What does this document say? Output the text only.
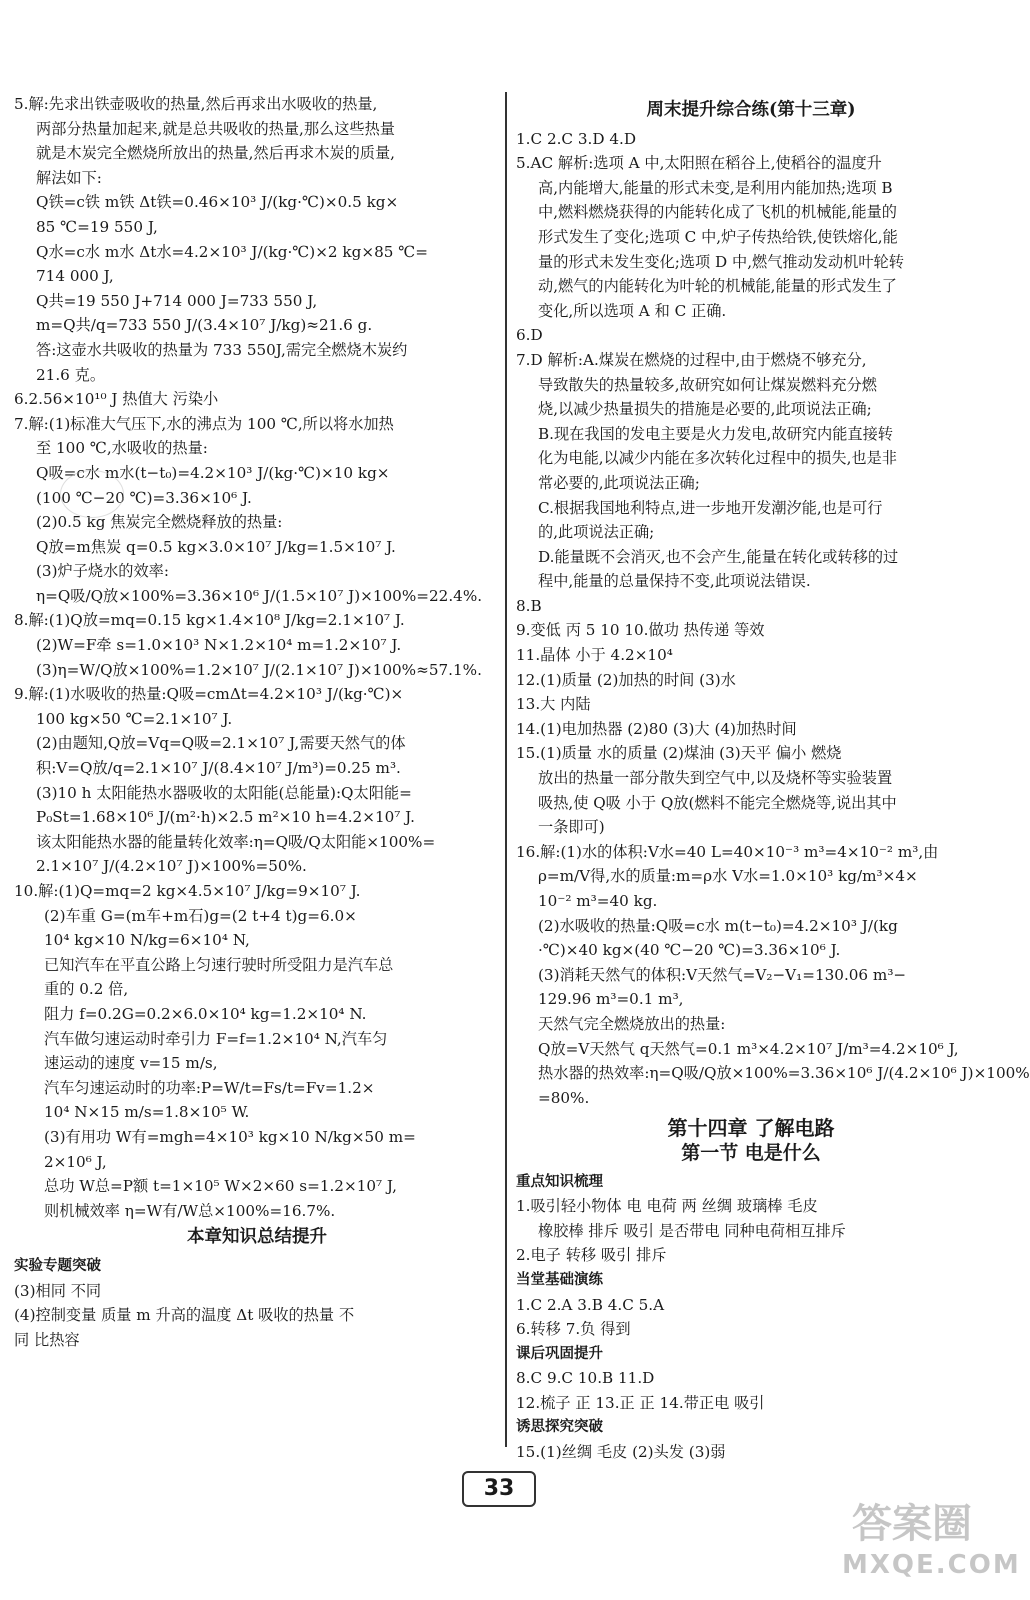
5.解:先求出铁壶吸收的热量,然后再求出水吸收的热量,
两部分热量加起来,就是总共吸收的热量,那么这些热量
就是木炭完全燃烧所放出的热量,然后再求木炭的质量,
解法如下:
Q铁=c铁 m铁 Δt铁=0.46×10³ J/(kg·℃)×0.5 kg×
85 ℃=19 550 J,
Q水=c水 m水 Δt水=4.2×10³ J/(kg·℃)×2 kg×85 ℃=
714 000 J,
Q共=19 550 J+714 000 J=733 550 J,
m=Q共/q=733 550 J/(3.4×10⁷ J/kg)≈21.6 g.
答:这壶水共吸收的热量为 733 550J,需完全燃烧木炭约
21.6 克。
6.2.56×10¹⁰ J 热值大 污染小
7.解:(1)标准大气压下,水的沸点为 100 ℃,所以将水加热
至 100 ℃,水吸收的热量:
Q吸=c水 m水(t−t₀)=4.2×10³ J/(kg·℃)×10 kg×
(100 ℃−20 ℃)=3.36×10⁶ J.
(2)0.5 kg 焦炭完全燃烧释放的热量:
Q放=m焦炭 q=0.5 kg×3.0×10⁷ J/kg=1.5×10⁷ J.
(3)炉子烧水的效率:
η=Q吸/Q放×100%=3.36×10⁶ J/(1.5×10⁷ J)×100%=22.4%.
8.解:(1)Q放=mq=0.15 kg×1.4×10⁸ J/kg=2.1×10⁷ J.
(2)W=F牵 s=1.0×10³ N×1.2×10⁴ m=1.2×10⁷ J.
(3)η=W/Q放×100%=1.2×10⁷ J/(2.1×10⁷ J)×100%≈57.1%.
9.解:(1)水吸收的热量:Q吸=cmΔt=4.2×10³ J/(kg·℃)×
100 kg×50 ℃=2.1×10⁷ J.
(2)由题知,Q放=Vq=Q吸=2.1×10⁷ J,需要天然气的体
积:V=Q放/q=2.1×10⁷ J/(8.4×10⁷ J/m³)=0.25 m³.
(3)10 h 太阳能热水器吸收的太阳能(总能量):Q太阳能=
P₀St=1.68×10⁶ J/(m²·h)×2.5 m²×10 h=4.2×10⁷ J.
该太阳能热水器的能量转化效率:η=Q吸/Q太阳能×100%=
2.1×10⁷ J/(4.2×10⁷ J)×100%=50%.
10.解:(1)Q=mq=2 kg×4.5×10⁷ J/kg=9×10⁷ J.
(2)车重 G=(m车+m石)g=(2 t+4 t)g=6.0×
10⁴ kg×10 N/kg=6×10⁴ N,
已知汽车在平直公路上匀速行驶时所受阻力是汽车总
重的 0.2 倍,
阻力 f=0.2G=0.2×6.0×10⁴ kg=1.2×10⁴ N.
汽车做匀速运动时牵引力 F=f=1.2×10⁴ N,汽车匀
速运动的速度 v=15 m/s,
汽车匀速运动时的功率:P=W/t=Fs/t=Fv=1.2×
10⁴ N×15 m/s=1.8×10⁵ W.
(3)有用功 W有=mgh=4×10³ kg×10 N/kg×50 m=
2×10⁶ J,
总功 W总=P额 t=1×10⁵ W×2×60 s=1.2×10⁷ J,
则机械效率 η=W有/W总×100%=16.7%.
本章知识总结提升
实验专题突破
(3)相同 不同
(4)控制变量 质量 m 升高的温度 Δt 吸收的热量 不
同 比热容
周末提升综合练(第十三章)
1.C 2.C 3.D 4.D
5.AC 解析:选项 A 中,太阳照在稻谷上,使稻谷的温度升
高,内能增大,能量的形式未变,是利用内能加热;选项 B
中,燃料燃烧获得的内能转化成了飞机的机械能,能量的
形式发生了变化;选项 C 中,炉子传热给铁,使铁熔化,能
量的形式未发生变化;选项 D 中,燃气推动发动机叶轮转
动,燃气的内能转化为叶轮的机械能,能量的形式发生了
变化,所以选项 A 和 C 正确.
6.D
7.D 解析:A.煤炭在燃烧的过程中,由于燃烧不够充分,
导致散失的热量较多,故研究如何让煤炭燃料充分燃
烧,以减少热量损失的措施是必要的,此项说法正确;
B.现在我国的发电主要是火力发电,故研究内能直接转
化为电能,以减少内能在多次转化过程中的损失,也是非
常必要的,此项说法正确;
C.根据我国地利特点,进一步地开发潮汐能,也是可行
的,此项说法正确;
D.能量既不会消灭,也不会产生,能量在转化或转移的过
程中,能量的总量保持不变,此项说法错误.
8.B
9.变低 丙 5 10 10.做功 热传递 等效
11.晶体 小于 4.2×10⁴
12.(1)质量 (2)加热的时间 (3)水
13.大 内陆
14.(1)电加热器 (2)80 (3)大 (4)加热时间
15.(1)质量 水的质量 (2)煤油 (3)天平 偏小 燃烧
放出的热量一部分散失到空气中,以及烧杯等实验装置
吸热,使 Q吸 小于 Q放(燃料不能完全燃烧等,说出其中
一条即可)
16.解:(1)水的体积:V水=40 L=40×10⁻³ m³=4×10⁻² m³,由
ρ=m/V得,水的质量:m=ρ水 V水=1.0×10³ kg/m³×4×
10⁻² m³=40 kg.
(2)水吸收的热量:Q吸=c水 m(t−t₀)=4.2×10³ J/(kg
·℃)×40 kg×(40 ℃−20 ℃)=3.36×10⁶ J.
(3)消耗天然气的体积:V天然气=V₂−V₁=130.06 m³−
129.96 m³=0.1 m³,
天然气完全燃烧放出的热量:
Q放=V天然气 q天然气=0.1 m³×4.2×10⁷ J/m³=4.2×10⁶ J,
热水器的热效率:η=Q吸/Q放×100%=3.36×10⁶ J/(4.2×10⁶ J)×100%
=80%.
第十四章 了解电路
第一节 电是什么
重点知识梳理
1.吸引轻小物体 电 电荷 两 丝绸 玻璃棒 毛皮
橡胶棒 排斥 吸引 是否带电 同种电荷相互排斥
2.电子 转移 吸引 排斥
当堂基础演练
1.C 2.A 3.B 4.C 5.A
6.转移 7.负 得到
课后巩固提升
8.C 9.C 10.B 11.D
12.梳子 正 13.正 正 14.带正电 吸引
诱思探究突破
15.(1)丝绸 毛皮 (2)头发 (3)弱
33
答案圈
MXQE.COM
